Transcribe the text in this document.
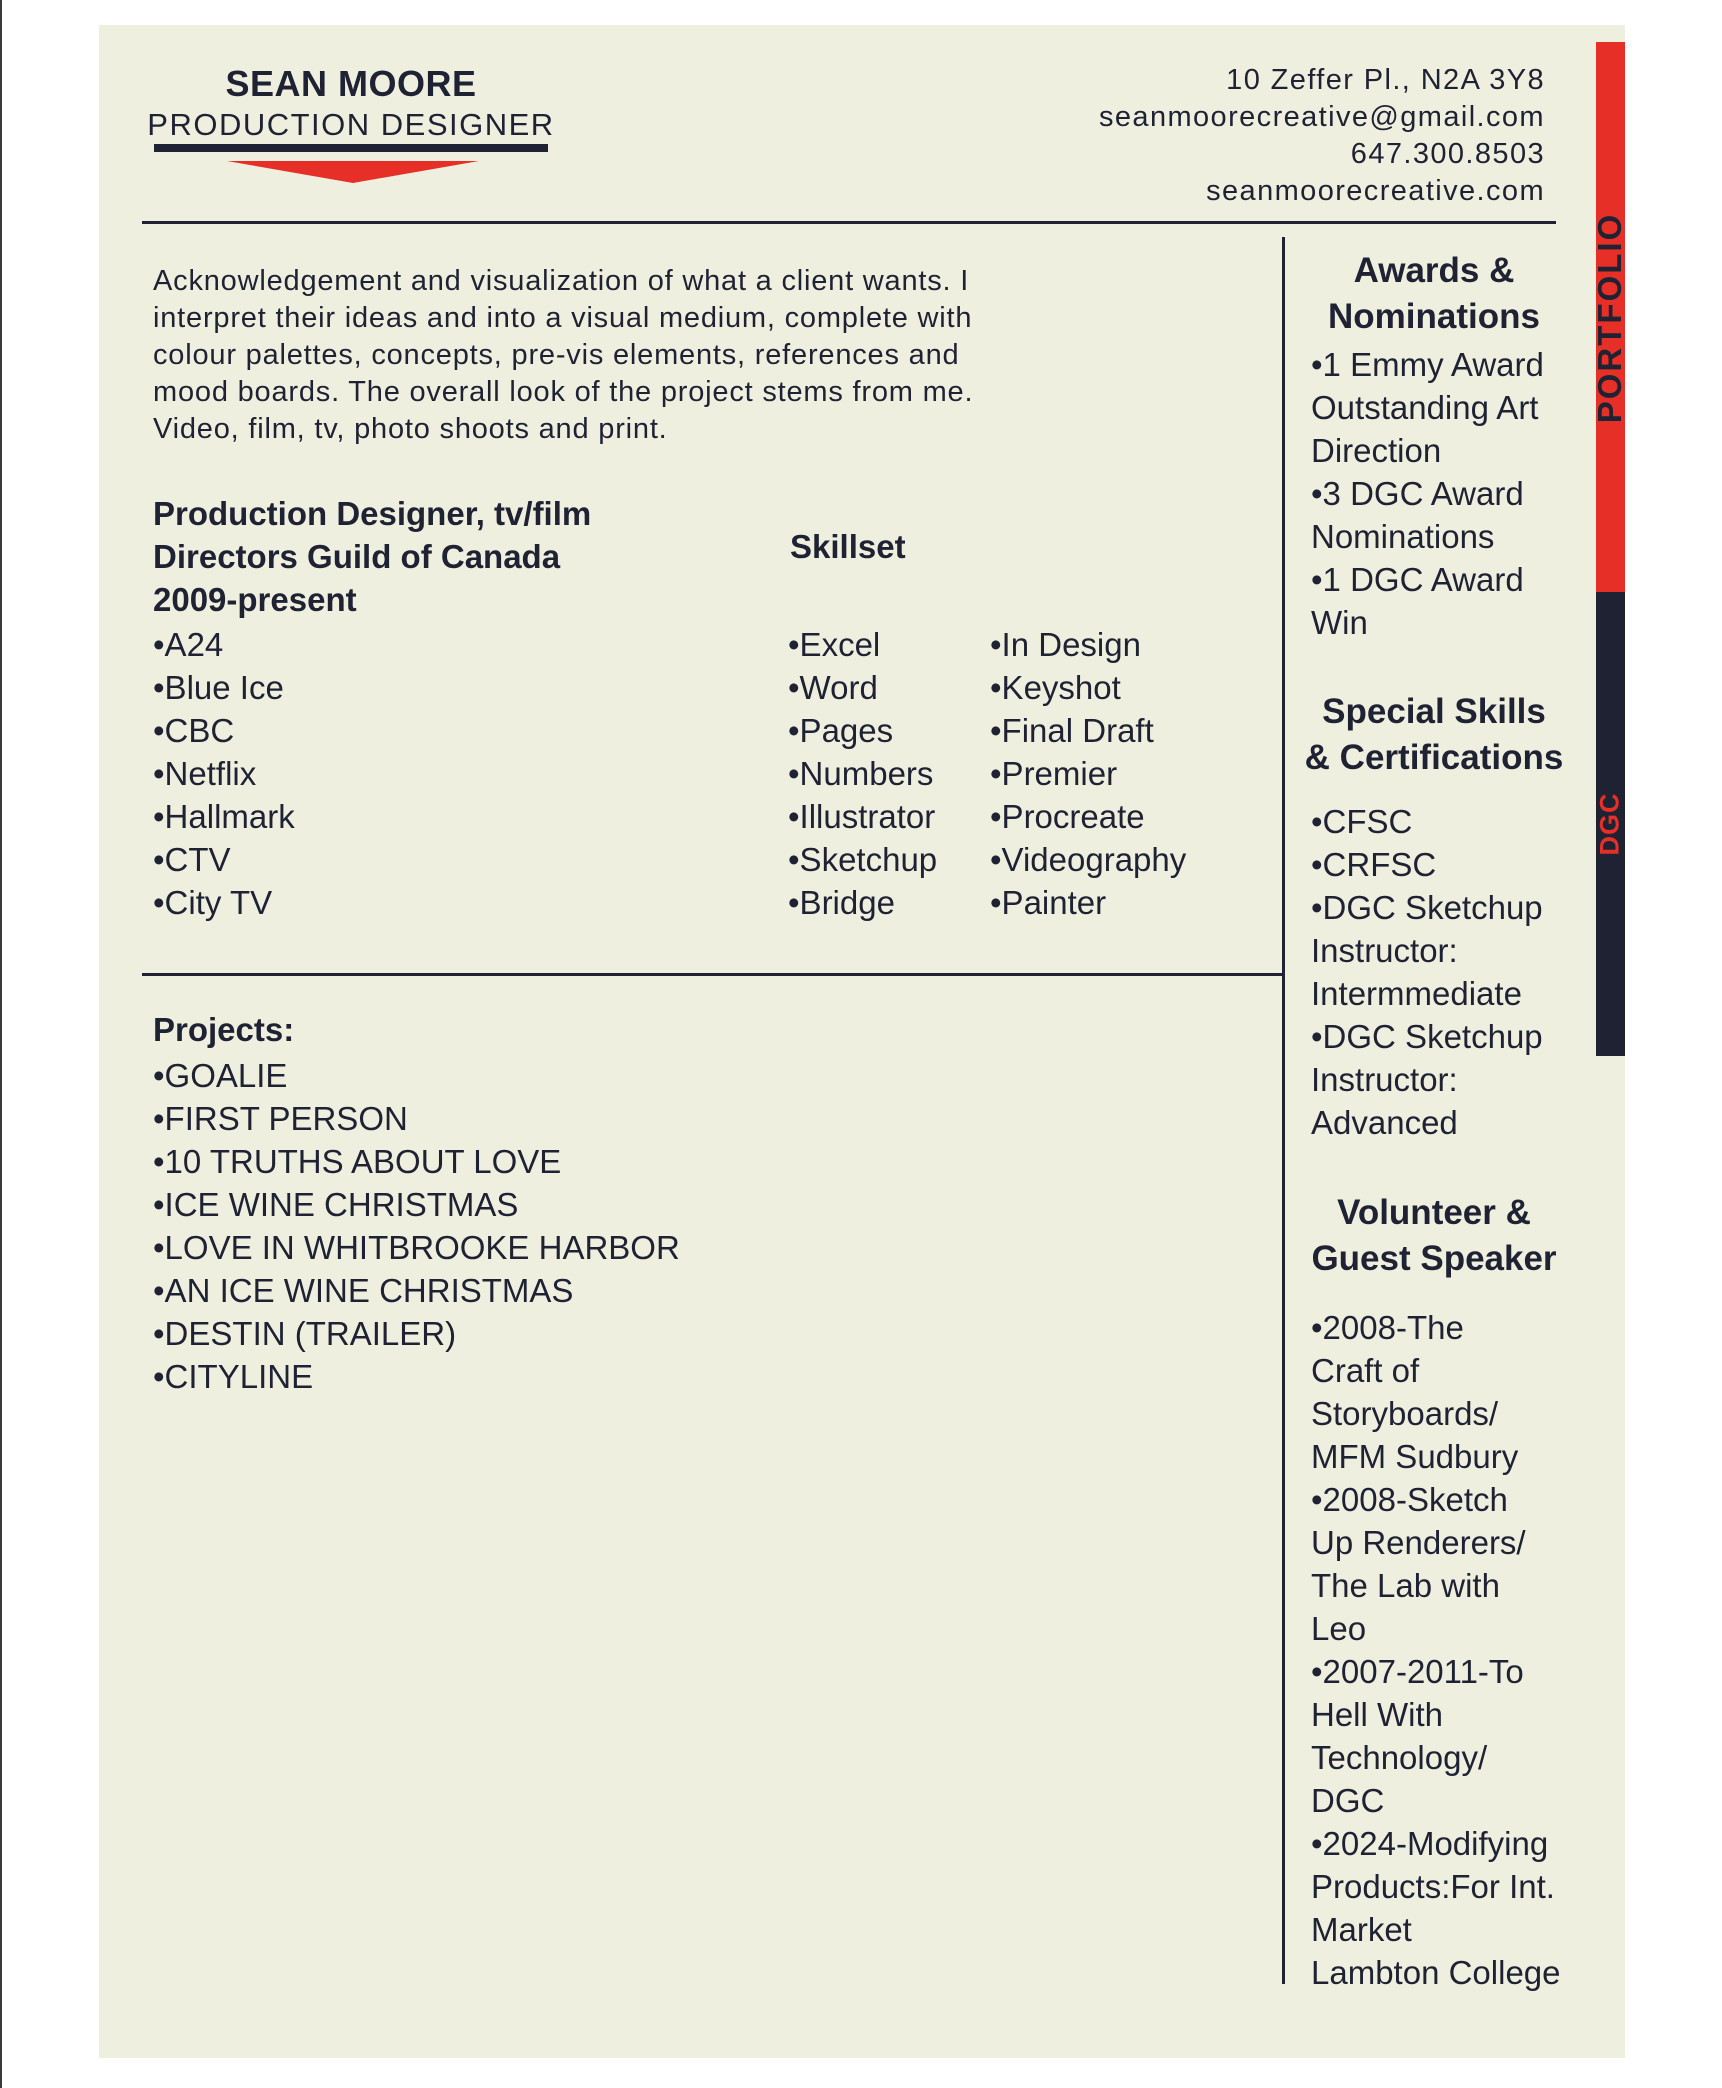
SEAN MOORE
PRODUCTION DESIGNER
10 Zeffer Pl., N2A 3Y8
seanmoorecreative@gmail.com
647.300.8503
seanmoorecreative.com
PORTFOLIO
DGC
Acknowledgement and visualization of what a client wants. I interpret their ideas and into a visual medium, complete with colour palettes, concepts, pre-vis elements, references and mood boards. The overall look of the project stems from me. Video, film, tv, photo shoots and print.
Production Designer, tv/film
Directors Guild of Canada
2009-present
•A24
•Blue Ice
•CBC
•Netflix
•Hallmark
•CTV
•City TV
Skillset
•Excel
•Word
•Pages
•Numbers
•Illustrator
•Sketchup
•Bridge
•In Design
•Keyshot
•Final Draft
•Premier
•Procreate
•Videography
•Painter
Projects:
•GOALIE
•FIRST PERSON
•10 TRUTHS ABOUT LOVE
•ICE WINE CHRISTMAS
•LOVE IN WHITBROOKE HARBOR
•AN ICE WINE CHRISTMAS
•DESTIN (TRAILER)
•CITYLINE
Awards &
Nominations
•1 Emmy Award
Outstanding Art
Direction
•3 DGC Award
Nominations
•1 DGC Award
Win
Special Skills
& Certifications
•CFSC
•CRFSC
•DGC Sketchup
Instructor:
Intermmediate
•DGC Sketchup
Instructor:
Advanced
Volunteer &
Guest Speaker
•2008-The
Craft of
Storyboards/
MFM Sudbury
•2008-Sketch
Up Renderers/
The Lab with
Leo
•2007-2011-To
Hell With
Technology/
DGC
•2024-Modifying
Products:For Int.
Market
Lambton College
